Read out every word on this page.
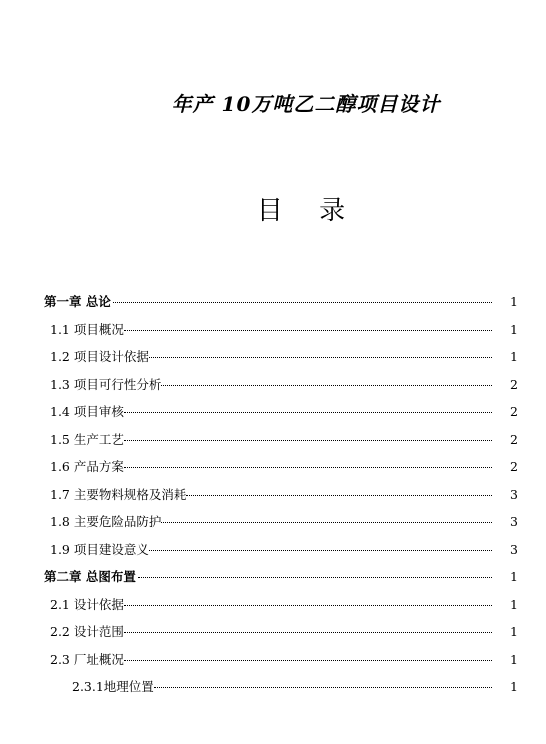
年产 10万吨乙二醇项目设计
目 录
第一章 总论	1
1.1 项目概况	1
1.2 项目设计依据	1
1.3 项目可行性分析	2
1.4 项目审核	2
1.5 生产工艺	2
1.6 产品方案	2
1.7 主要物料规格及消耗	3
1.8 主要危险品防护	3
1.9 项目建设意义	3
第二章 总图布置	1
2.1 设计依据	1
2.2 设计范围	1
2.3 厂址概况	1
2.3.1地理位置	1
